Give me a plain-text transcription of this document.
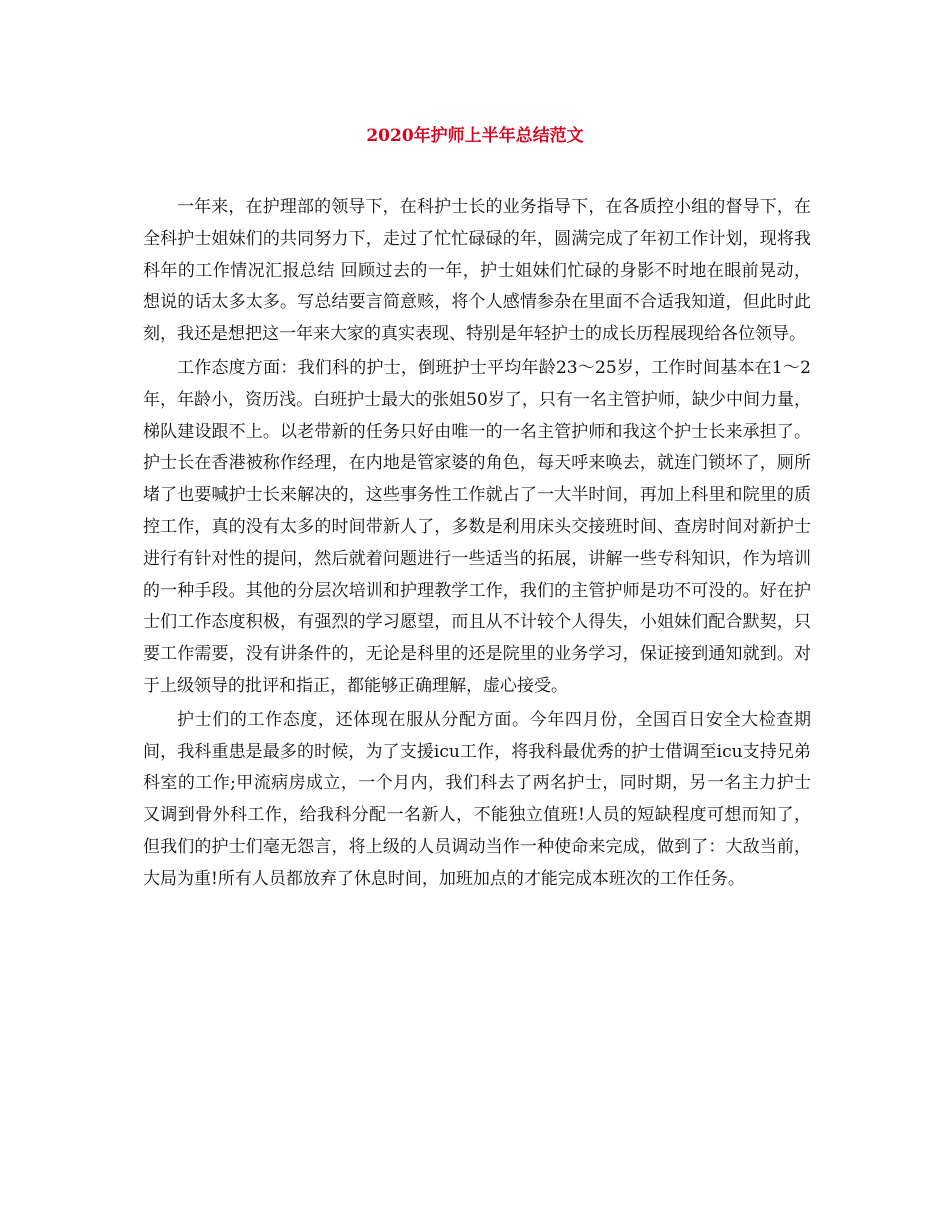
2020年护师上半年总结范文

一年来，在护理部的领导下，在科护士长的业务指导下，在各质控小组的督导下，在全科护士姐妹们的共同努力下，走过了忙忙碌碌的年，圆满完成了年初工作计划，现将我科年的工作情况汇报总结 回顾过去的一年，护士姐妹们忙碌的身影不时地在眼前晃动，想说的话太多太多。写总结要言简意赅，将个人感情参杂在里面不合适我知道，但此时此刻，我还是想把这一年来大家的真实表现、特别是年轻护士的成长历程展现给各位领导。

工作态度方面：我们科的护士，倒班护士平均年龄23～25岁，工作时间基本在1～2年，年龄小，资历浅。白班护士最大的张姐50岁了，只有一名主管护师，缺少中间力量，梯队建设跟不上。以老带新的任务只好由唯一的一名主管护师和我这个护士长来承担了。护士长在香港被称作经理，在内地是管家婆的角色，每天呼来唤去，就连门锁坏了，厕所堵了也要喊护士长来解决的，这些事务性工作就占了一大半时间，再加上科里和院里的质控工作，真的没有太多的时间带新人了，多数是利用床头交接班时间、查房时间对新护士进行有针对性的提问，然后就着问题进行一些适当的拓展，讲解一些专科知识，作为培训的一种手段。其他的分层次培训和护理教学工作，我们的主管护师是功不可没的。好在护士们工作态度积极，有强烈的学习愿望，而且从不计较个人得失，小姐妹们配合默契，只要工作需要，没有讲条件的，无论是科里的还是院里的业务学习，保证接到通知就到。对于上级领导的批评和指正，都能够正确理解，虚心接受。

护士们的工作态度，还体现在服从分配方面。今年四月份，全国百日安全大检查期间，我科重患是最多的时候，为了支援icu工作，将我科最优秀的护士借调至icu支持兄弟科室的工作;甲流病房成立，一个月内，我们科去了两名护士，同时期，另一名主力护士又调到骨外科工作，给我科分配一名新人，不能独立值班!人员的短缺程度可想而知了，但我们的护士们毫无怨言，将上级的人员调动当作一种使命来完成，做到了：大敌当前，大局为重!所有人员都放弃了休息时间，加班加点的才能完成本班次的工作任务。
